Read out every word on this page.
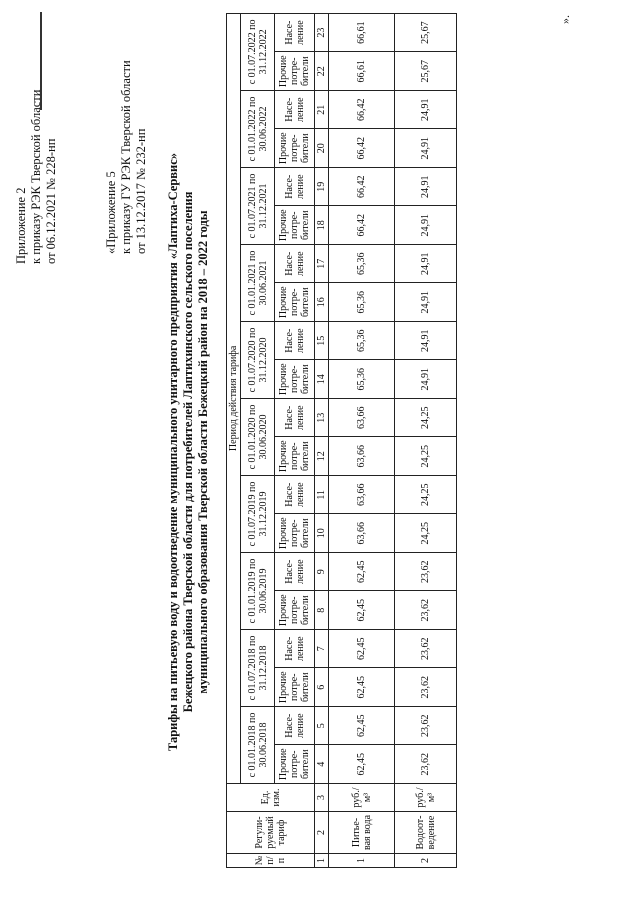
Приложение 2 к приказу РЭК Тверской области от 06.12.2021 № 228-нп	«Приложение 5 к приказу ГУ РЭК Тверской области от 13.12.2017 № 232-нп Тарифы на питьевую воду и водоотведение муниципального унитарного предприятия «Лаптиха-Сервис» Бежецкого района Тверской области для потребителей Лаптихинского сельского поселения муниципального образования Тверской области Бежецкий район на 2018 – 2022 годы
№ п/п	Регули-руемый тариф	Ед. изм.	Период действия тарифа																			
			с 01.01.2018 по 30.06.2018		с 01.07.2018 по 31.12.2018		с 01.01.2019 по 30.06.2019		с 01.07.2019 по 31.12.2019		с 01.01.2020 по 30.06.2020		с 01.07.2020 по 31.12.2020		с 01.01.2021 по 30.06.2021		с 01.07.2021 по 31.12.2021		с 01.01.2022 по 30.06.2022		с 01.07.2022 по 31.12.2022	
			Прочие потре-бители	Насе-ление	Прочие потре-бители	Насе-ление	Прочие потре-бители	Насе-ление	Прочие потре-бители	Насе-ление	Прочие потре-бители	Насе-ление	Прочие потре-бители	Насе-ление	Прочие потре-бители	Насе-ление	Прочие потре-бители	Насе-ление	Прочие потре-бители	Насе-ление	Прочие потре-бители	Насе-ление
1	2	3	4	5	6	7	8	9	10	11	12	13	14	15	16	17	18	19	20	21	22	23
1	Питье-вая вода	руб./м³	62,45	62,45	62,45	62,45	62,45	62,45	63,66	63,66	63,66	63,66	65,36	65,36	65,36	65,36	66,42	66,42	66,42	66,42	66,61	66,61
2	Водоот-ведение	руб./м³	23,62	23,62	23,62	23,62	23,62	23,62	24,25	24,25	24,25	24,25	24,91	24,91	24,91	24,91	24,91	24,91	24,91	24,91	25,67	25,67
».
